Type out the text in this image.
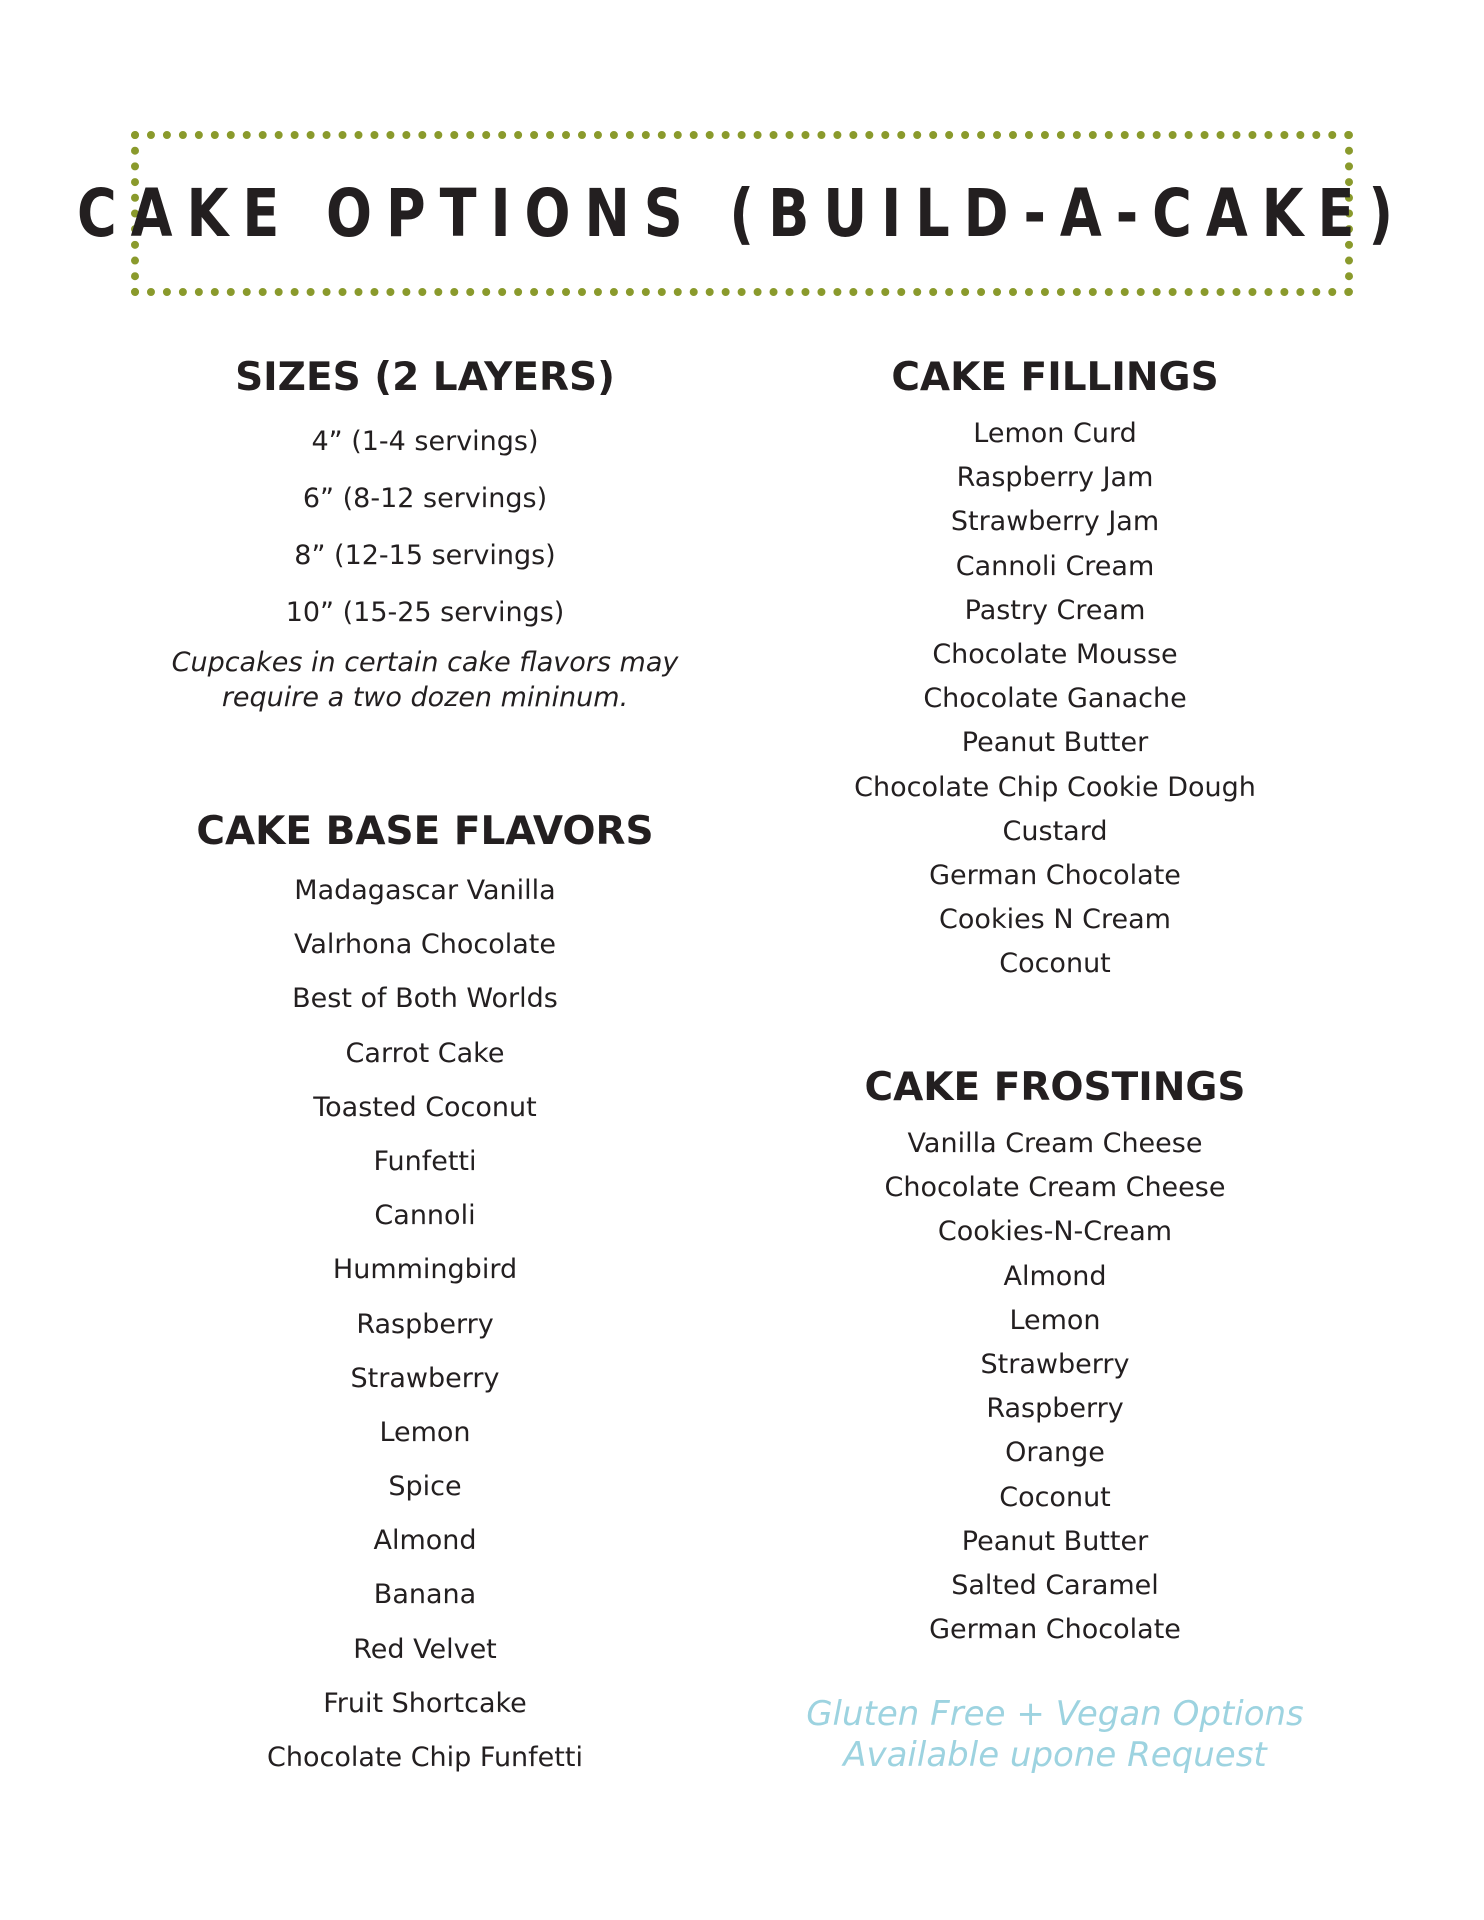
CAKE OPTIONS (BUILD-A-CAKE)
SIZES (2 LAYERS)
4” (1-4 servings)
6” (8-12 servings)
8” (12-15 servings)
10” (15-25 servings)
Cupcakes in certain cake flavors may
require a two dozen mininum.
CAKE BASE FLAVORS
Madagascar Vanilla
Valrhona Chocolate
Best of Both Worlds
Carrot Cake
Toasted Coconut
Funfetti
Cannoli
Hummingbird
Raspberry
Strawberry
Lemon
Spice
Almond
Banana
Red Velvet
Fruit Shortcake
Chocolate Chip Funfetti
CAKE FILLINGS
Lemon Curd
Raspberry Jam
Strawberry Jam
Cannoli Cream
Pastry Cream
Chocolate Mousse
Chocolate Ganache
Peanut Butter
Chocolate Chip Cookie Dough
Custard
German Chocolate
Cookies N Cream
Coconut
CAKE FROSTINGS
Vanilla Cream Cheese
Chocolate Cream Cheese
Cookies-N-Cream
Almond
Lemon
Strawberry
Raspberry
Orange
Coconut
Peanut Butter
Salted Caramel
German Chocolate
Gluten Free + Vegan Options
Available upone Request
